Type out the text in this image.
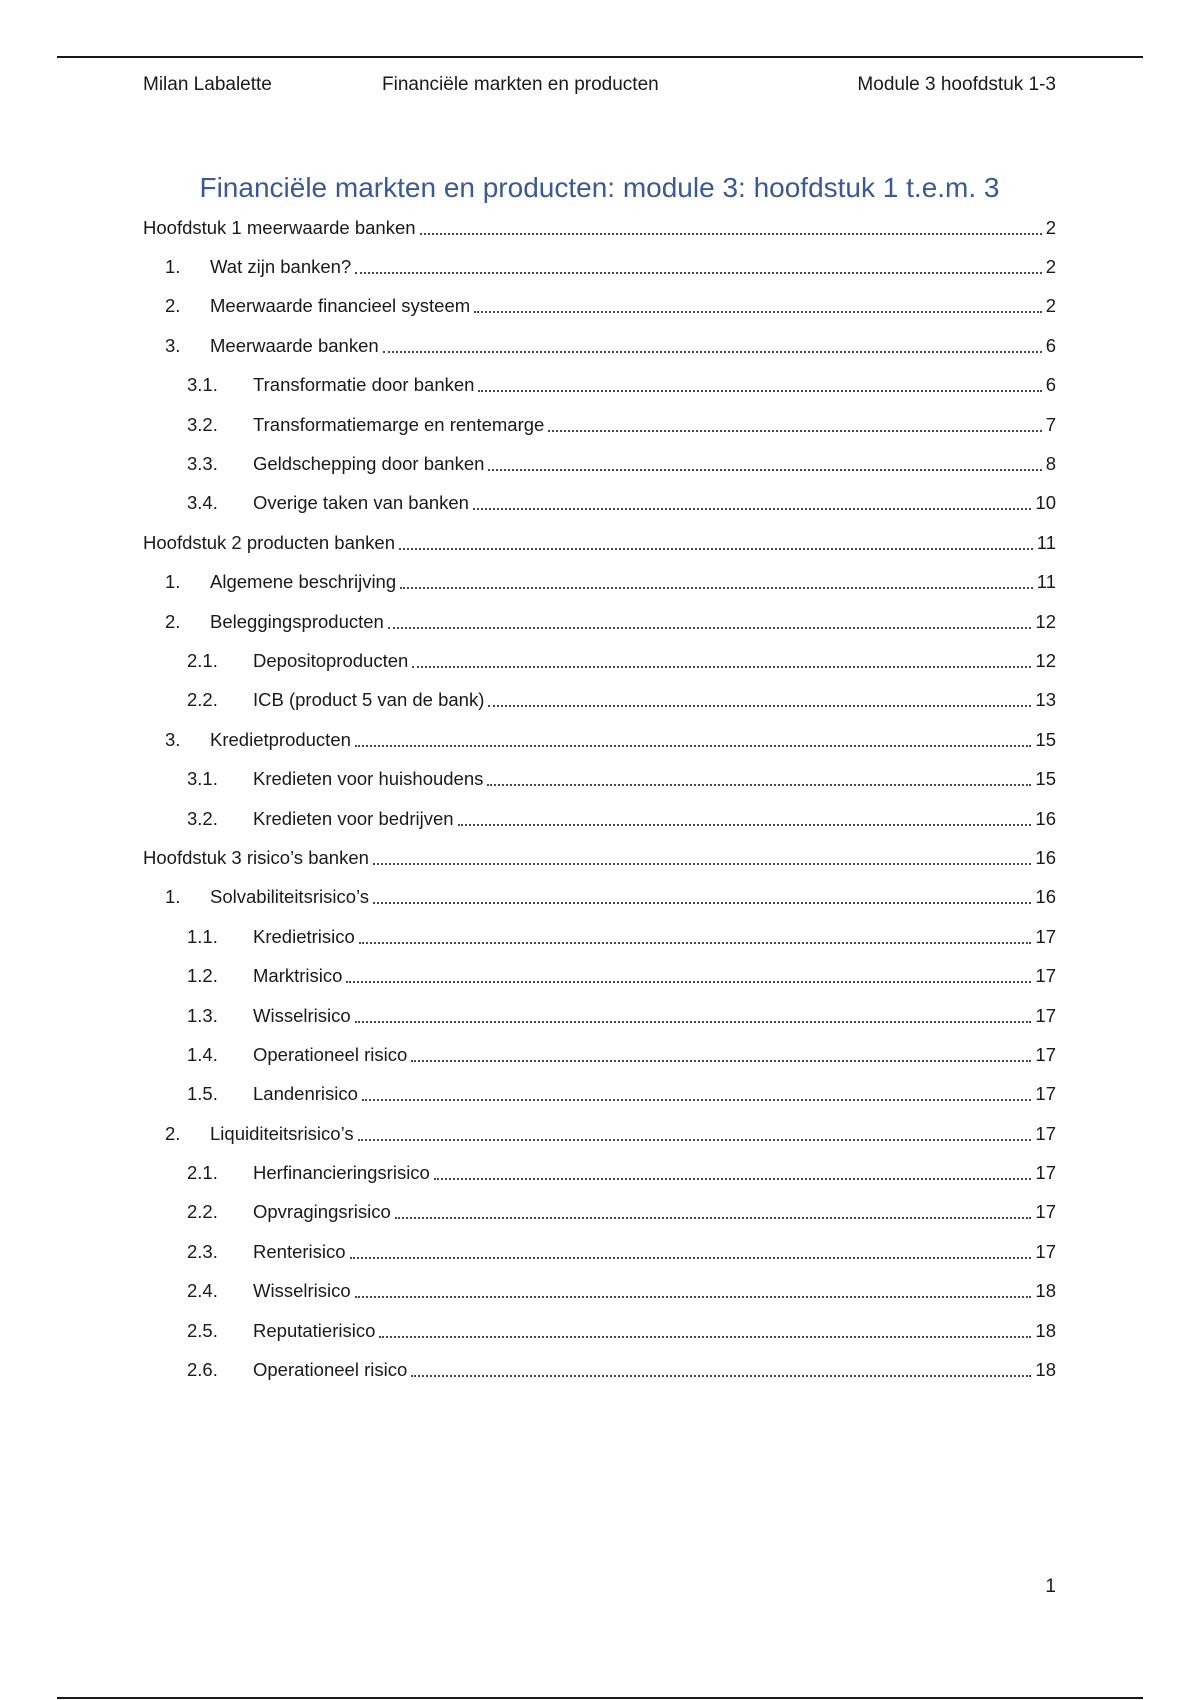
Milan Labalette	Financiële markten en producten	Module 3 hoofdstuk 1-3
Financiële markten en producten: module 3: hoofdstuk 1 t.e.m. 3
Hoofdstuk 1 meerwaarde banken	2
1.	Wat zijn banken?	2
2.	Meerwaarde financieel systeem	2
3.	Meerwaarde banken	6
3.1.	Transformatie door banken	6
3.2.	Transformatiemarge en rentemarge	7
3.3.	Geldschepping door banken	8
3.4.	Overige taken van banken	10
Hoofdstuk 2 producten banken	11
1.	Algemene beschrijving	11
2.	Beleggingsproducten	12
2.1.	Depositoproducten	12
2.2.	ICB (product 5 van de bank)	13
3.	Kredietproducten	15
3.1.	Kredieten voor huishoudens	15
3.2.	Kredieten voor bedrijven	16
Hoofdstuk 3 risico’s banken	16
1.	Solvabiliteitsrisico’s	16
1.1.	Kredietrisico	17
1.2.	Marktrisico	17
1.3.	Wisselrisico	17
1.4.	Operationeel risico	17
1.5.	Landenrisico	17
2.	Liquiditeitsrisico’s	17
2.1.	Herfinancieringsrisico	17
2.2.	Opvragingsrisico	17
2.3.	Renterisico	17
2.4.	Wisselrisico	18
2.5.	Reputatierisico	18
2.6.	Operationeel risico	18
1
